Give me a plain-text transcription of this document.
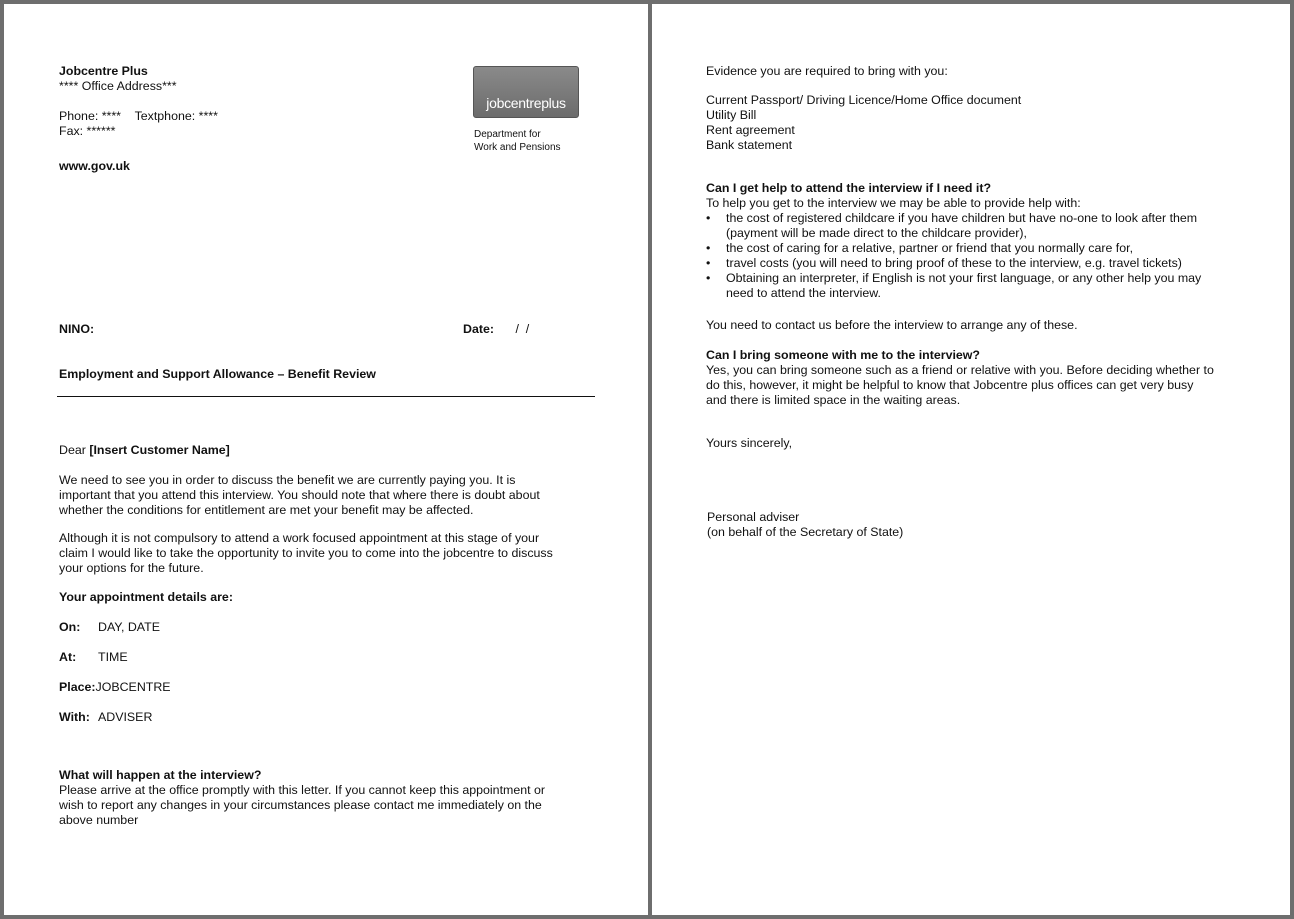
Jobcentre Plus
**** Office Address***
Phone: **** Textphone: ****
Fax: ******
www.gov.uk
jobcentreplus
Department for
Work and Pensions
NINO:	Date: /  /
Employment and Support Allowance – Benefit Review
Dear [Insert Customer Name]
We need to see you in order to discuss the benefit we are currently paying you. It is
important that you attend this interview. You should note that where there is doubt about
whether the conditions for entitlement are met your benefit may be affected.
Although it is not compulsory to attend a work focused appointment at this stage of your
claim I would like to take the opportunity to invite you to come into the jobcentre to discuss
your options for the future.
Your appointment details are:
On: DAY, DATE
At: TIME
Place:JOBCENTRE
With: ADVISER
What will happen at the interview?
Please arrive at the office promptly with this letter. If you cannot keep this appointment or
wish to report any changes in your circumstances please contact me immediately on the
above number
Evidence you are required to bring with you:
Current Passport/ Driving Licence/Home Office document
Utility Bill
Rent agreement
Bank statement
Can I get help to attend the interview if I need it?
To help you get to the interview we may be able to provide help with:
• the cost of registered childcare if you have children but have no-one to look after them
(payment will be made direct to the childcare provider),
• the cost of caring for a relative, partner or friend that you normally care for,
• travel costs (you will need to bring proof of these to the interview, e.g. travel tickets)
• Obtaining an interpreter, if English is not your first language, or any other help you may
need to attend the interview.
You need to contact us before the interview to arrange any of these.
Can I bring someone with me to the interview?
Yes, you can bring someone such as a friend or relative with you. Before deciding whether to
do this, however, it might be helpful to know that Jobcentre plus offices can get very busy
and there is limited space in the waiting areas.
Yours sincerely,
Personal adviser
(on behalf of the Secretary of State)
